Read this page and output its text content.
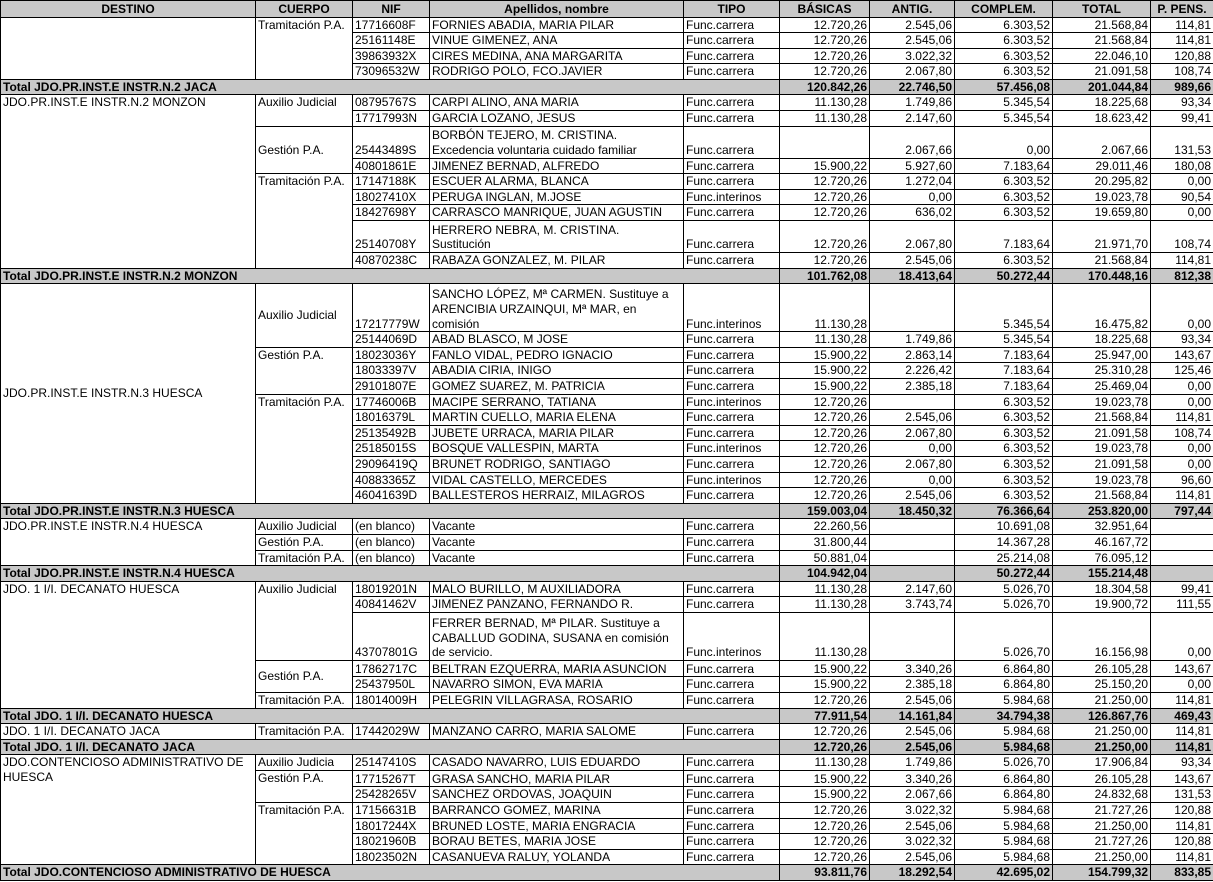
DESTINO	CUERPO	NIF	Apellidos, nombre	TIPO	BÁSICAS	ANTIG.	COMPLEM.	TOTAL	P. PENS.
	Tramitación P.A.	17716608F	FORNIES ABADIA, MARIA PILAR	Func.carrera	12.720,26	2.545,06	6.303,52	21.568,84	114,81
		25161148E	VINUE GIMENEZ, ANA	Func.carrera	12.720,26	2.545,06	6.303,52	21.568,84	114,81
		39863932X	CIRES MEDINA, ANA MARGARITA	Func.carrera	12.720,26	3.022,32	6.303,52	22.046,10	120,88
		73096532W	RODRIGO POLO, FCO.JAVIER	Func.carrera	12.720,26	2.067,80	6.303,52	21.091,58	108,74
Total JDO.PR.INST.E INSTR.N.2 JACA					120.842,26	22.746,50	57.456,08	201.044,84	989,66
JDO.PR.INST.E INSTR.N.2 MONZON	Auxilio Judicial	08795767S	CARPI ALINO, ANA MARIA	Func.carrera	11.130,28	1.749,86	5.345,54	18.225,68	93,34
		17717993N	GARCIA LOZANO, JESUS	Func.carrera	11.130,28	2.147,60	5.345,54	18.623,42	99,41
	Gestión P.A.	25443489S	BORBÓN TEJERO, M. CRISTINA. Excedencia voluntaria cuidado familiar	Func.carrera		2.067,66	0,00	2.067,66	131,53
		40801861E	JIMENEZ BERNAD, ALFREDO	Func.carrera	15.900,22	5.927,60	7.183,64	29.011,46	180,08
	Tramitación P.A.	17147188K	ESCUER ALARMA, BLANCA	Func.carrera	12.720,26	1.272,04	6.303,52	20.295,82	0,00
		18027410X	PERUGA INGLAN, M.JOSE	Func.interinos	12.720,26	0,00	6.303,52	19.023,78	90,54
		18427698Y	CARRASCO MANRIQUE, JUAN AGUSTIN	Func.carrera	12.720,26	636,02	6.303,52	19.659,80	0,00
		25140708Y	HERRERO NEBRA, M. CRISTINA. Sustitución	Func.carrera	12.720,26	2.067,80	7.183,64	21.971,70	108,74
		40870238C	RABAZA GONZALEZ, M. PILAR	Func.carrera	12.720,26	2.545,06	6.303,52	21.568,84	114,81
Total JDO.PR.INST.E INSTR.N.2 MONZON					101.762,08	18.413,64	50.272,44	170.448,16	812,38
JDO.PR.INST.E INSTR.N.3 HUESCA	Auxilio Judicial	17217779W	SANCHO LÓPEZ, Mª CARMEN. Sustituye a ARENCIBIA URZAINQUI, Mª MAR, en comisión	Func.interinos	11.130,28		5.345,54	16.475,82	0,00
		25144069D	ABAD BLASCO, M JOSE	Func.carrera	11.130,28	1.749,86	5.345,54	18.225,68	93,34
	Gestión P.A.	18023036Y	FANLO VIDAL, PEDRO IGNACIO	Func.carrera	15.900,22	2.863,14	7.183,64	25.947,00	143,67
		18033397V	ABADIA CIRIA, INIGO	Func.carrera	15.900,22	2.226,42	7.183,64	25.310,28	125,46
		29101807E	GOMEZ SUAREZ, M. PATRICIA	Func.carrera	15.900,22	2.385,18	7.183,64	25.469,04	0,00
	Tramitación P.A.	17746006B	MACIPE SERRANO, TATIANA	Func.interinos	12.720,26		6.303,52	19.023,78	0,00
		18016379L	MARTIN CUELLO, MARIA ELENA	Func.carrera	12.720,26	2.545,06	6.303,52	21.568,84	114,81
		25135492B	JUBETE URRACA, MARIA PILAR	Func.carrera	12.720,26	2.067,80	6.303,52	21.091,58	108,74
		25185015S	BOSQUE VALLESPIN, MARTA	Func.interinos	12.720,26	0,00	6.303,52	19.023,78	0,00
		29096419Q	BRUNET RODRIGO, SANTIAGO	Func.carrera	12.720,26	2.067,80	6.303,52	21.091,58	0,00
		40883365Z	VIDAL CASTELLO, MERCEDES	Func.interinos	12.720,26	0,00	6.303,52	19.023,78	96,60
		46041639D	BALLESTEROS HERRAIZ, MILAGROS	Func.carrera	12.720,26	2.545,06	6.303,52	21.568,84	114,81
Total JDO.PR.INST.E INSTR.N.3 HUESCA					159.003,04	18.450,32	76.366,64	253.820,00	797,44
JDO.PR.INST.E INSTR.N.4 HUESCA	Auxilio Judicial	(en blanco)	Vacante	Func.carrera	22.260,56		10.691,08	32.951,64	
	Gestión P.A.	(en blanco)	Vacante	Func.carrera	31.800,44		14.367,28	46.167,72	
	Tramitación P.A.	(en blanco)	Vacante	Func.carrera	50.881,04		25.214,08	76.095,12	
Total JDO.PR.INST.E INSTR.N.4 HUESCA					104.942,04		50.272,44	155.214,48	
JDO. 1 I/I. DECANATO HUESCA	Auxilio Judicial	18019201N	MALO BURILLO, M AUXILIADORA	Func.carrera	11.130,28	2.147,60	5.026,70	18.304,58	99,41
		40841462V	JIMENEZ PANZANO, FERNANDO R.	Func.carrera	11.130,28	3.743,74	5.026,70	19.900,72	111,55
		43707801G	FERRER BERNAD, Mª PILAR. Sustituye a CABALLUD GODINA, SUSANA en comisión de servicio.	Func.interinos	11.130,28		5.026,70	16.156,98	0,00
	Gestión P.A.	17862717C	BELTRAN EZQUERRA, MARIA ASUNCION	Func.carrera	15.900,22	3.340,26	6.864,80	26.105,28	143,67
		25437950L	NAVARRO SIMON, EVA MARIA	Func.carrera	15.900,22	2.385,18	6.864,80	25.150,20	0,00
	Tramitación P.A.	18014009H	PELEGRIN VILLAGRASA, ROSARIO	Func.carrera	12.720,26	2.545,06	5.984,68	21.250,00	114,81
Total JDO. 1 I/I. DECANATO HUESCA					77.911,54	14.161,84	34.794,38	126.867,76	469,43
JDO. 1 I/I. DECANATO JACA	Tramitación P.A.	17442029W	MANZANO CARRO, MARIA SALOME	Func.carrera	12.720,26	2.545,06	5.984,68	21.250,00	114,81
Total JDO. 1 I/I. DECANATO JACA					12.720,26	2.545,06	5.984,68	21.250,00	114,81
JDO.CONTENCIOSO ADMINISTRATIVO DE HUESCA	Auxilio Judicia	25147410S	CASADO NAVARRO, LUIS EDUARDO	Func.carrera	11.130,28	1.749,86	5.026,70	17.906,84	93,34
	Gestión P.A.	17715267T	GRASA SANCHO, MARIA PILAR	Func.carrera	15.900,22	3.340,26	6.864,80	26.105,28	143,67
		25428265V	SANCHEZ ORDOVAS, JOAQUIN	Func.carrera	15.900,22	2.067,66	6.864,80	24.832,68	131,53
	Tramitación P.A.	17156631B	BARRANCO GOMEZ, MARINA	Func.carrera	12.720,26	3.022,32	5.984,68	21.727,26	120,88
		18017244X	BRUNED LOSTE, MARIA ENGRACIA	Func.carrera	12.720,26	2.545,06	5.984,68	21.250,00	114,81
		18021960B	BORAU BETES, MARIA JOSE	Func.carrera	12.720,26	3.022,32	5.984,68	21.727,26	120,88
		18023502N	CASANUEVA RALUY, YOLANDA	Func.carrera	12.720,26	2.545,06	5.984,68	21.250,00	114,81
Total JDO.CONTENCIOSO ADMINISTRATIVO DE HUESCA					93.811,76	18.292,54	42.695,02	154.799,32	833,85
